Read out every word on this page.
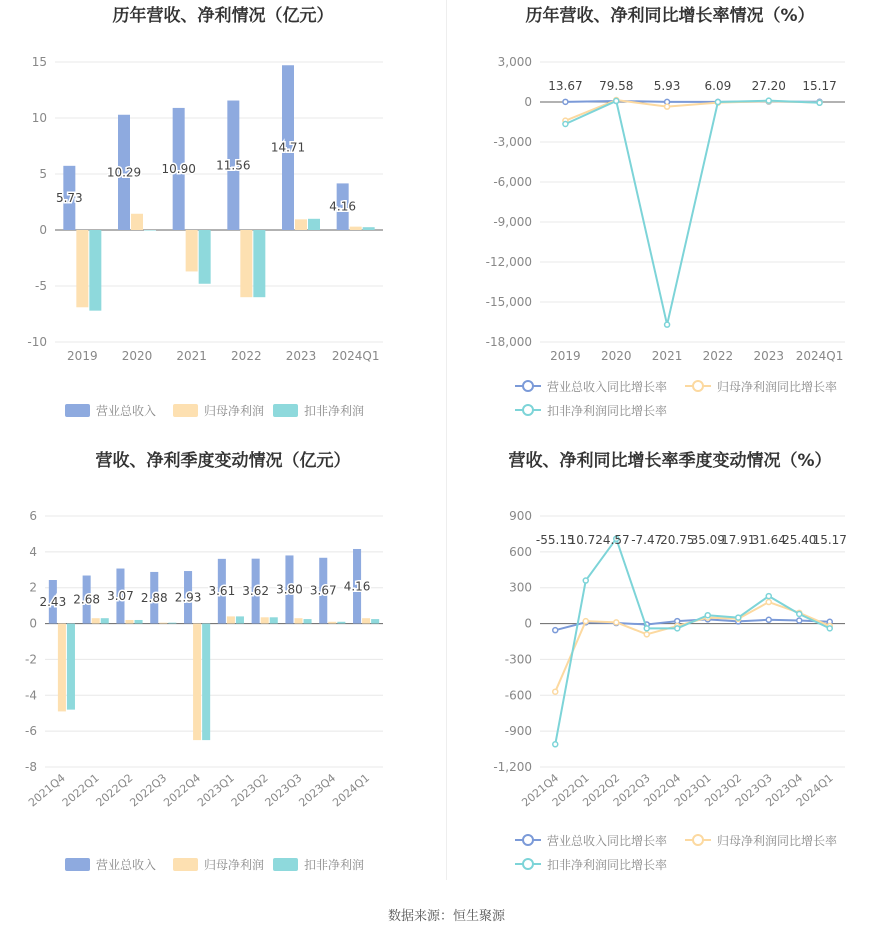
历年营收、净利情况（亿元）
-10
-5
0
5
10
15
2019 2020 2021 2022 2023 2024Q1
5.73
10.29 10.90 11.56
14.71
4.16
营业总收入	归母净利润	扣非净利润
历年营收、净利同比增长率情况（%）
-18,000
-15,000
-12,000
-9,000
-6,000
-3,000
0
3,000
2019 2020 2021 2022 2023 2024Q1
13.67 79.58 5.93 6.09 27.20 15.17
营业总收入同比增长率	归母净利润同比增长率
扣非净利润同比增长率
营收、净利季度变动情况（亿元）
-8
-6
-4
-2
0
2
4
6
2021Q4
2022Q1
2022Q2
2022Q3
2022Q4
2023Q1
2023Q2
2023Q3
2023Q4
2024Q1
2.43 2.68 3.07 2.88 2.93 3.61 3.62 3.80 3.67 4.16
营业总收入	归母净利润	扣非净利润
营收、净利同比增长率季度变动情况（%）
-1,200
-900
-600
-300
0
300
600
900
2021Q4
2022Q1
2022Q2
2022Q3
2022Q4
2023Q1
2023Q2
2023Q3
2023Q4
2024Q1
-55.15
10.72 4.57 -7.47
20.75
35.09
17.91
31.64
25.40
15.17
营业总收入同比增长率	归母净利润同比增长率
扣非净利润同比增长率
数据来源：恒生聚源
